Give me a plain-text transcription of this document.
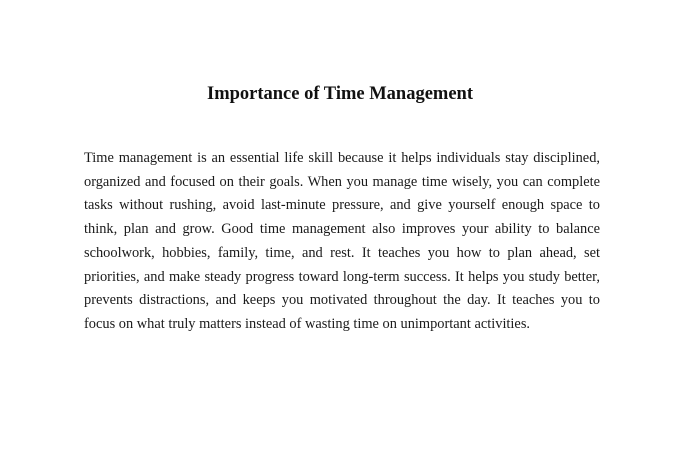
Importance of Time Management

Time management is an essential life skill because it helps individuals stay disciplined, organized and focused on their goals. When you manage time wisely, you can complete tasks without rushing, avoid last-minute pressure, and give yourself enough space to think, plan and grow. Good time management also improves your ability to balance schoolwork, hobbies, family, time, and rest. It teaches you how to plan ahead, set priorities, and make steady progress toward long-term success. It helps you study better, prevents distractions, and keeps you motivated throughout the day. It teaches you to focus on what truly matters instead of wasting time on unimportant activities.
